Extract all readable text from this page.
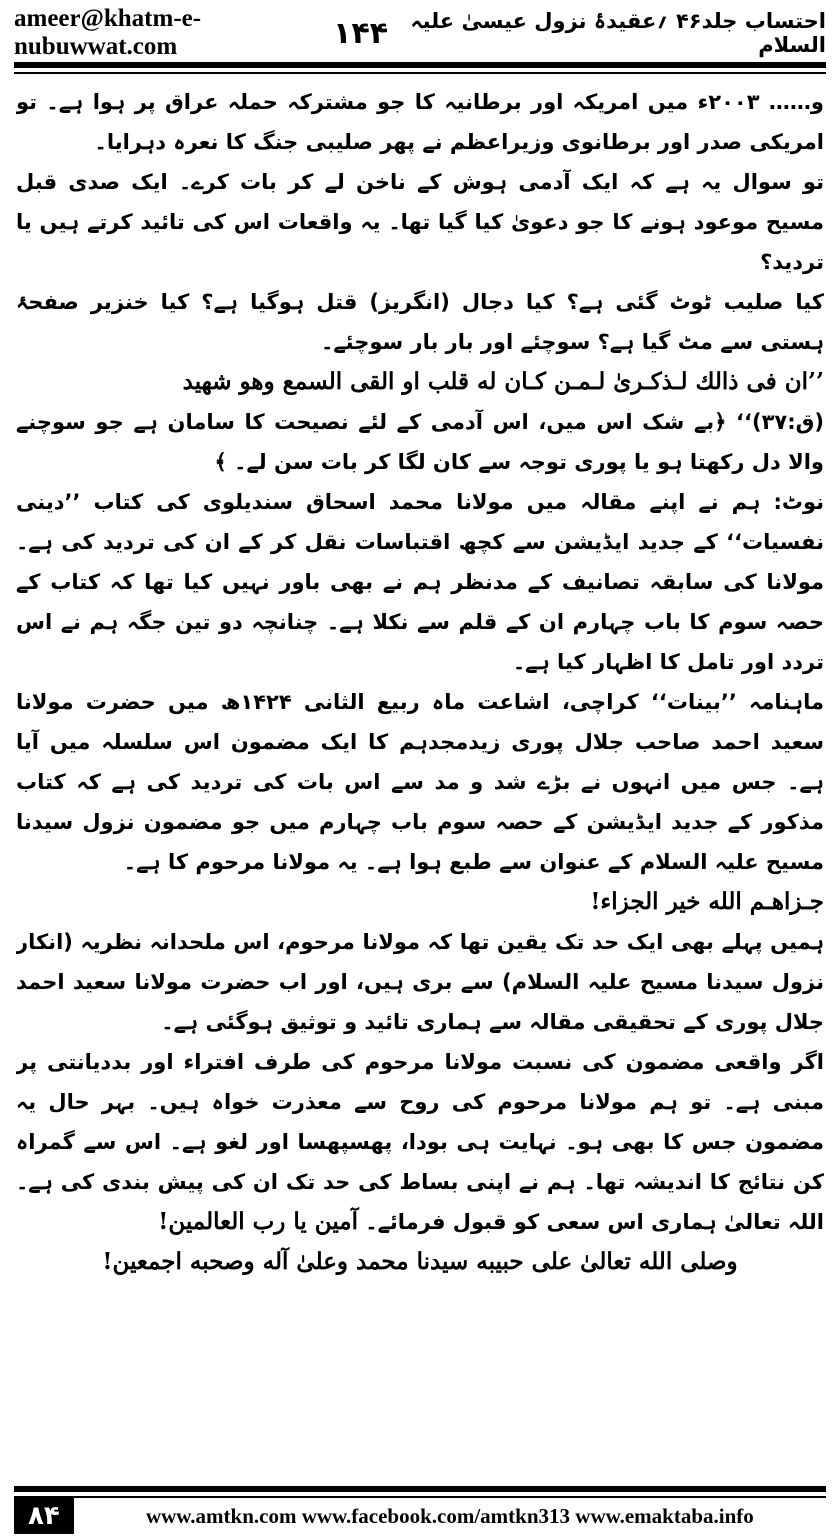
ameer@khatm-e-nubuwwat.com	۱۴۴	احتساب جلد۴۶ ؍عقیدۂ نزول عیسیٰ علیہ السلام

و…… ۲۰۰۳ء میں امریکہ اور برطانیہ کا جو مشترکہ حملہ عراق پر ہوا ہے۔ تو امریکی صدر اور برطانوی وزیراعظم نے پھر صلیبی جنگ کا نعرہ دہرایا۔

تو سوال یہ ہے کہ ایک آدمی ہوش کے ناخن لے کر بات کرے۔ ایک صدی قبل مسیح موعود ہونے کا جو دعویٰ کیا گیا تھا۔ یہ واقعات اس کی تائید کرتے ہیں یا تردید؟

کیا صلیب ٹوٹ گئی ہے؟ کیا دجال (انگریز) قتل ہوگیا ہے؟ کیا خنزیر صفحۂ ہستی سے مٹ گیا ہے؟ سوچئے اور بار بار سوچئے۔

’’ان فی ذالك لـذكـرىٰ لـمـن كـان له قلب او القى السمع وهو شهيد

(ق:۳۷)‘‘ ﴿بے شک اس میں، اس آدمی کے لئے نصیحت کا سامان ہے جو سوچنے والا دل رکھتا ہو یا پوری توجہ سے کان لگا کر بات سن لے۔ ﴾

نوٹ: ہم نے اپنے مقالہ میں مولانا محمد اسحاق سندیلوی کی کتاب ’’دینی نفسیات‘‘ کے جدید ایڈیشن سے کچھ اقتباسات نقل کر کے ان کی تردید کی ہے۔ مولانا کی سابقہ تصانیف کے مدنظر ہم نے بھی باور نہیں کیا تھا کہ کتاب کے حصہ سوم کا باب چہارم ان کے قلم سے نکلا ہے۔ چنانچہ دو تین جگہ ہم نے اس تردد اور تامل کا اظہار کیا ہے۔

ماہنامہ ’’بینات‘‘ کراچی، اشاعت ماہ ربیع الثانی ۱۴۲۴ھ میں حضرت مولانا سعید احمد صاحب جلال پوری زیدمجدہم کا ایک مضمون اس سلسلہ میں آیا ہے۔ جس میں انہوں نے بڑے شد و مد سے اس بات کی تردید کی ہے کہ کتاب مذکور کے جدید ایڈیشن کے حصہ سوم باب چہارم میں جو مضمون نزول سیدنا مسیح علیہ السلام کے عنوان سے طبع ہوا ہے۔ یہ مولانا مرحوم کا ہے۔

جـزاهـم الله خير الجزاء!

ہمیں پہلے بھی ایک حد تک یقین تھا کہ مولانا مرحوم، اس ملحدانہ نظریہ (انکار نزول سیدنا مسیح علیہ السلام) سے بری ہیں، اور اب حضرت مولانا سعید احمد جلال پوری کے تحقیقی مقالہ سے ہماری تائید و توثیق ہوگئی ہے۔

اگر واقعی مضمون کی نسبت مولانا مرحوم کی طرف افتراء اور بددیانتی پر مبنی ہے۔ تو ہم مولانا مرحوم کی روح سے معذرت خواہ ہیں۔ بہر حال یہ مضمون جس کا بھی ہو۔ نہایت ہی بودا، پھسپھسا اور لغو ہے۔ اس سے گمراہ کن نتائج کا اندیشہ تھا۔ ہم نے اپنی بساط کی حد تک ان کی پیش بندی کی ہے۔ اللہ تعالیٰ ہماری اس سعی کو قبول فرمائے۔ آمین یا رب العالمین!

وصلی الله تعالیٰ علی حبیبه سیدنا محمد وعلیٰ آله وصحبه اجمعین!

۸۴	www.amtkn.com www.facebook.com/amtkn313 www.emaktaba.info
